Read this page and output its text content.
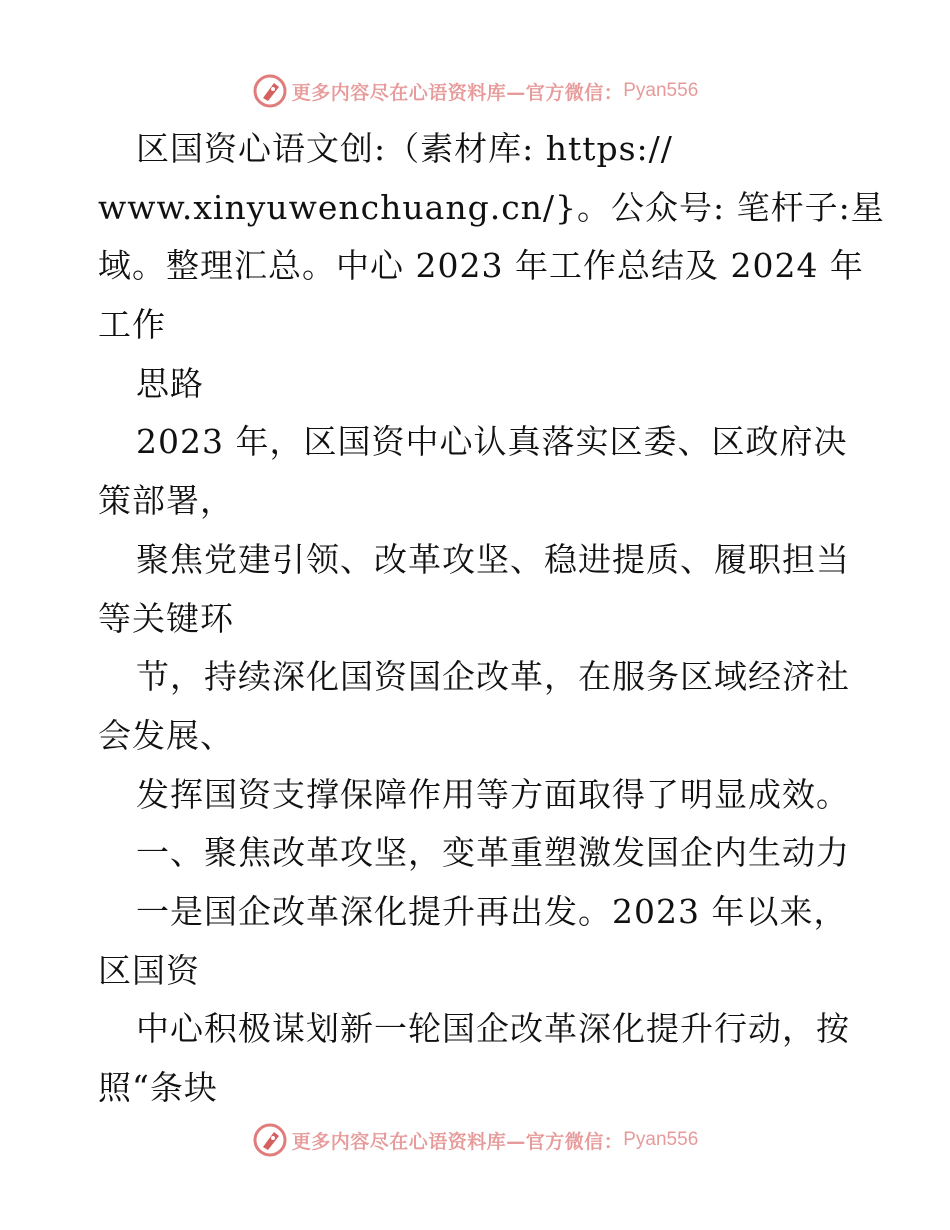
更多内容尽在心语资料库—官方微信： Pyan556
区国资心语文创:（素材库: https://
www.xinyuwenchuang.cn/}。公众号: 笔杆子:星
域。整理汇总。中心 2023 年工作总结及 2024 年
工作
思路
2023 年，区国资中心认真落实区委、区政府决
策部署，
聚焦党建引领、改革攻坚、稳进提质、履职担当
等关键环
节，持续深化国资国企改革，在服务区域经济社
会发展、
发挥国资支撑保障作用等方面取得了明显成效。
一、聚焦改革攻坚，变革重塑激发国企内生动力
一是国企改革深化提升再出发。2023 年以来，
区国资
中心积极谋划新一轮国企改革深化提升行动，按
照“条块
更多内容尽在心语资料库—官方微信： Pyan556
